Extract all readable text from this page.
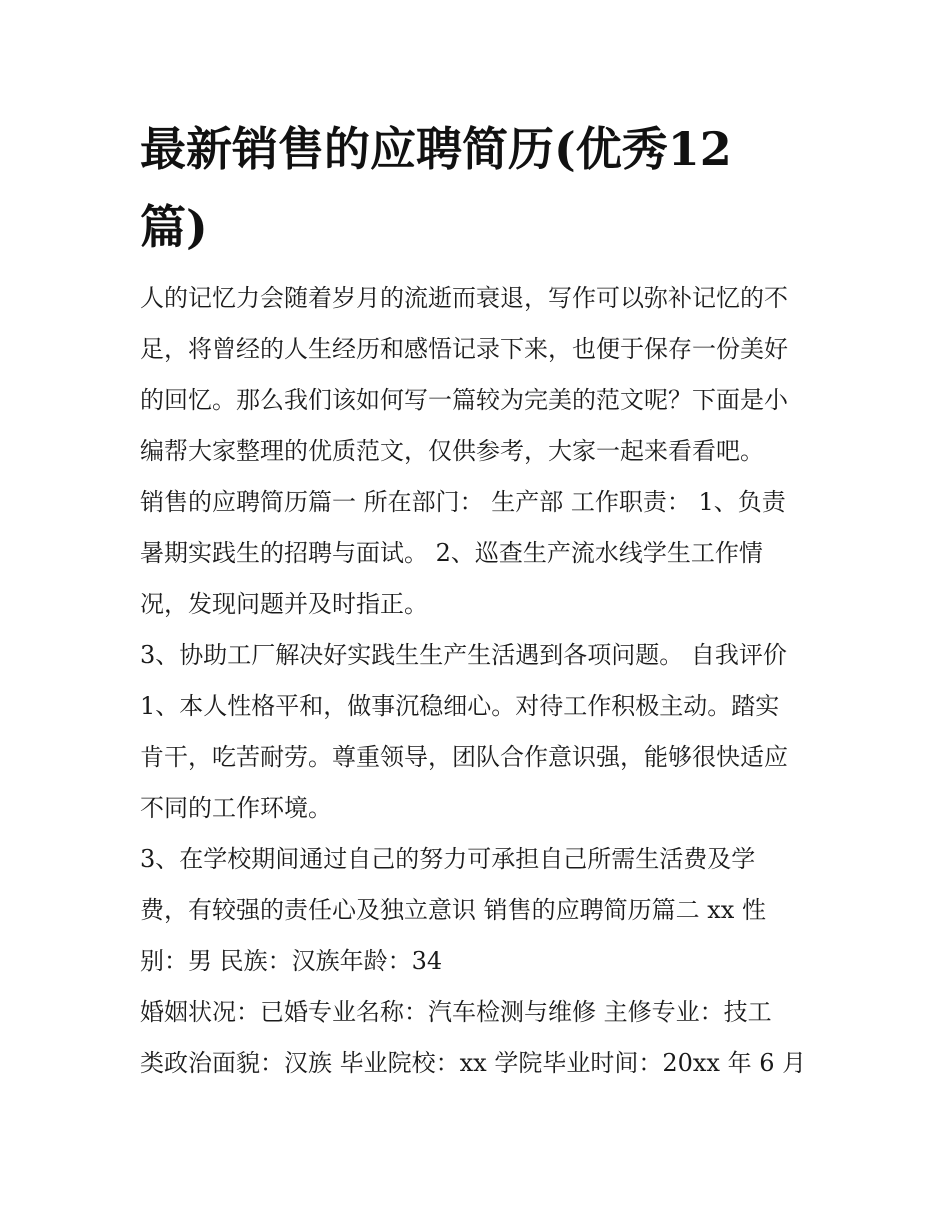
最新销售的应聘简历(优秀12
篇)

人的记忆力会随着岁月的流逝而衰退，写作可以弥补记忆的不
足，将曾经的人生经历和感悟记录下来，也便于保存一份美好
的回忆。那么我们该如何写一篇较为完美的范文呢？下面是小
编帮大家整理的优质范文，仅供参考，大家一起来看看吧。

销售的应聘简历篇一 所在部门： 生产部 工作职责： 1、负责
暑期实践生的招聘与面试。 2、巡查生产流水线学生工作情
况，发现问题并及时指正。

3、协助工厂解决好实践生生产生活遇到各项问题。 自我评价
1、本人性格平和，做事沉稳细心。对待工作积极主动。踏实
肯干，吃苦耐劳。尊重领导，团队合作意识强，能够很快适应
不同的工作环境。

3、在学校期间通过自己的努力可承担自己所需生活费及学
费，有较强的责任心及独立意识 销售的应聘简历篇二 xx 性
别：男 民族：汉族年龄：34

婚姻状况：已婚专业名称：汽车检测与维修 主修专业：技工
类政治面貌：汉族 毕业院校：xx 学院毕业时间：20xx 年 6 月
